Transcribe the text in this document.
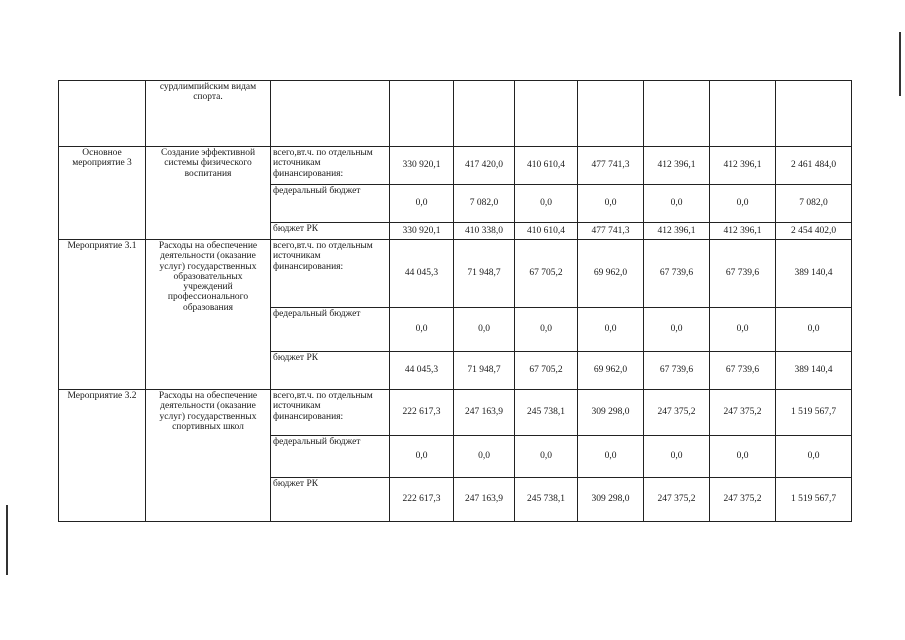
	сурдлимпийским видам спорта.								
Основное мероприятие 3	Создание эффективной системы физического воспитания	всего,вт.ч. по отдельным источникам финансирования:	330 920,1	417 420,0	410 610,4	477 741,3	412 396,1	412 396,1	2 461 484,0
		федеральный бюджет	0,0	7 082,0	0,0	0,0	0,0	0,0	7 082,0
		бюджет РК	330 920,1	410 338,0	410 610,4	477 741,3	412 396,1	412 396,1	2 454 402,0
Мероприятие 3.1	Расходы на обеспечение деятельности (оказание услуг) государственных образовательных учреждений профессионального образования	всего,вт.ч. по отдельным источникам финансирования:	44 045,3	71 948,7	67 705,2	69 962,0	67 739,6	67 739,6	389 140,4
		федеральный бюджет	0,0	0,0	0,0	0,0	0,0	0,0	0,0
		бюджет РК	44 045,3	71 948,7	67 705,2	69 962,0	67 739,6	67 739,6	389 140,4
Мероприятие 3.2	Расходы на обеспечение деятельности (оказание услуг) государственных спортивных школ	всего,вт.ч. по отдельным источникам финансирования:	222 617,3	247 163,9	245 738,1	309 298,0	247 375,2	247 375,2	1 519 567,7
		федеральный бюджет	0,0	0,0	0,0	0,0	0,0	0,0	0,0
		бюджет РК	222 617,3	247 163,9	245 738,1	309 298,0	247 375,2	247 375,2	1 519 567,7
